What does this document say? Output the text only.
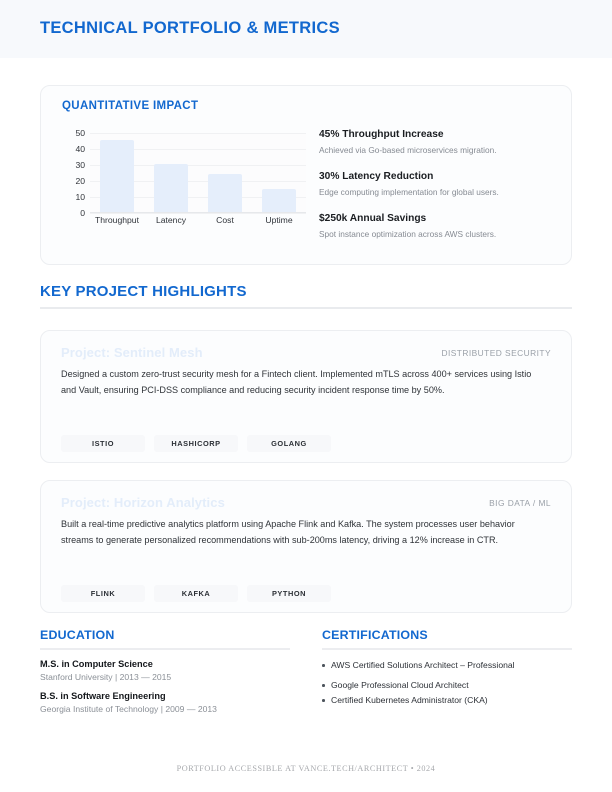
TECHNICAL PORTFOLIO & METRICS
QUANTITATIVE IMPACT
50
40
30
20
10
0
Throughput	Latency	Cost	Uptime
45% Throughput Increase
Achieved via Go-based microservices migration.
30% Latency Reduction
Edge computing implementation for global users.
$250k Annual Savings
Spot instance optimization across AWS clusters.
KEY PROJECT HIGHLIGHTS
Project: Sentinel Mesh	DISTRIBUTED SECURITY
Designed a custom zero-trust security mesh for a Fintech client. Implemented mTLS across 400+ services using Istio and Vault, ensuring PCI-DSS compliance and reducing security incident response time by 50%.
ISTIO	HASHICORP	GOLANG
Project: Horizon Analytics	BIG DATA / ML
Built a real-time predictive analytics platform using Apache Flink and Kafka. The system processes user behavior streams to generate personalized recommendations with sub-200ms latency, driving a 12% increase in CTR.
FLINK	KAFKA	PYTHON
EDUCATION
M.S. in Computer Science
Stanford University | 2013 — 2015
B.S. in Software Engineering
Georgia Institute of Technology | 2009 — 2013
CERTIFICATIONS
AWS Certified Solutions Architect – Professional
Google Professional Cloud Architect
Certified Kubernetes Administrator (CKA)
PORTFOLIO ACCESSIBLE AT VANCE.TECH/ARCHITECT • 2024
